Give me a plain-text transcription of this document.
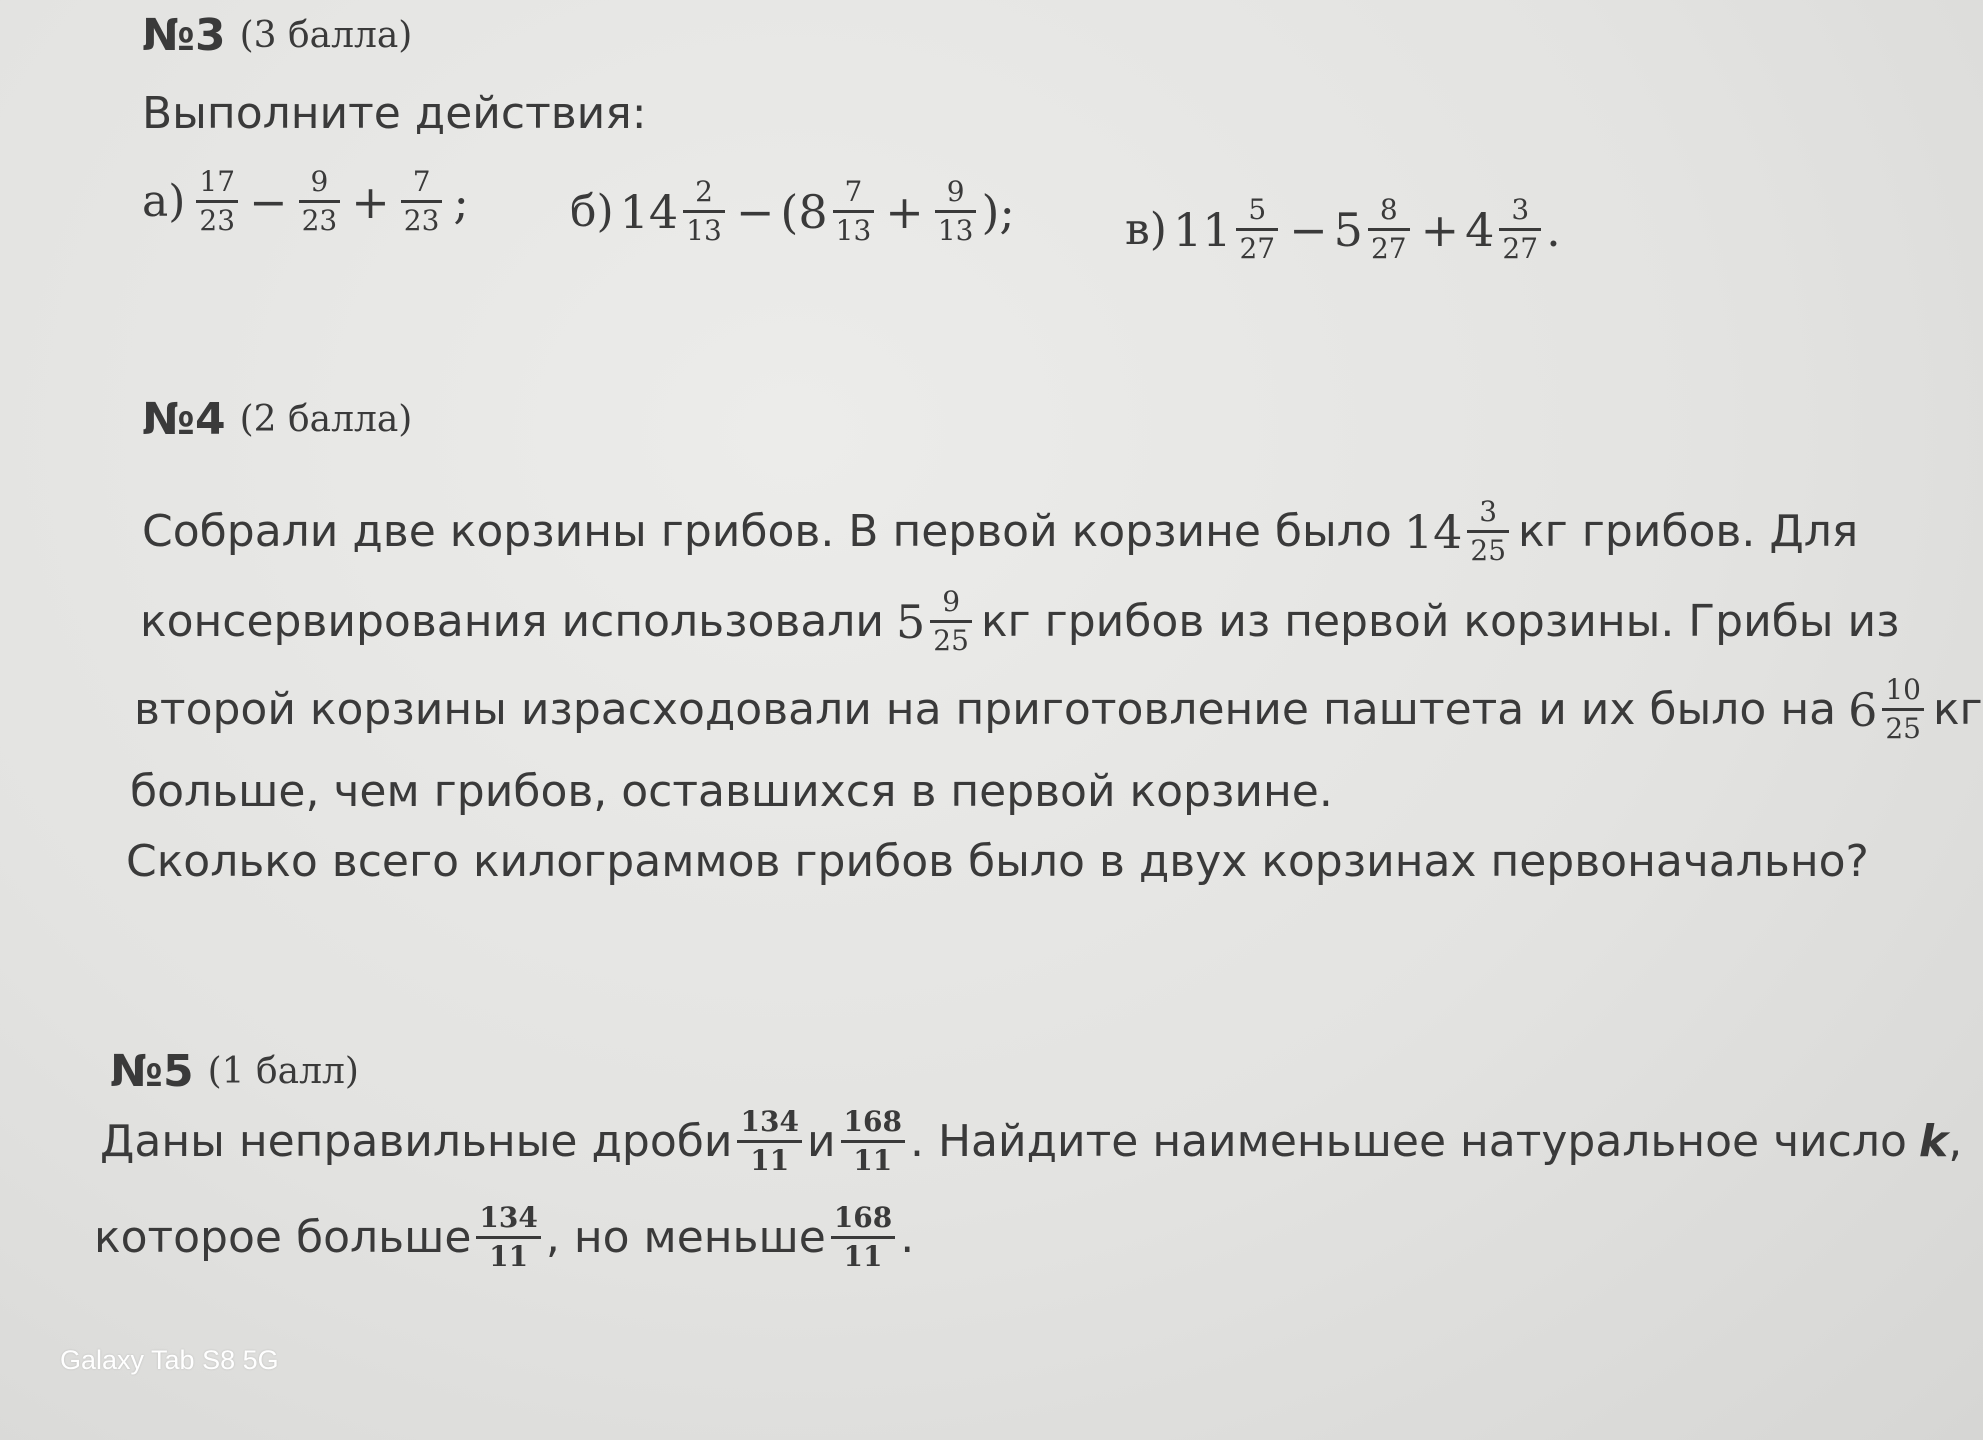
№3 (3 балла)
Выполните действия:
$а) \frac{17}{23} - \frac{9}{23} + \frac{7}{23}$ ; б) $14 \frac{2}{13}$ − ( $8 \frac{7}{13} + \frac{9}{13}$ );	в) $11 \frac{5}{27} - 5 \frac{8}{27} + 4 \frac{3}{27}$ .
№4 (2 балла)
Собрали две корзины грибов. В первой корзине было $14 \frac{3}{25}$ кг грибов. Для
консервирования использовали $5 \frac{9}{25}$ кг грибов из первой корзины. Грибы из
второй корзины израсходовали на приготовление паштета и их было на $6 \frac{10}{25}$ кг
больше, чем грибов, оставшихся в первой корзине.
Сколько всего килограммов грибов было в двух корзинах первоначально?
№5 (1 балл)
Даны неправильные дроби $\frac{134}{11}$ и $\frac{168}{11}$ . Найдите наименьшее натуральное число k ,
которое больше $\frac{134}{11}$ , но меньше $\frac{168}{11}$ .
Galaxy Tab S8 5G
